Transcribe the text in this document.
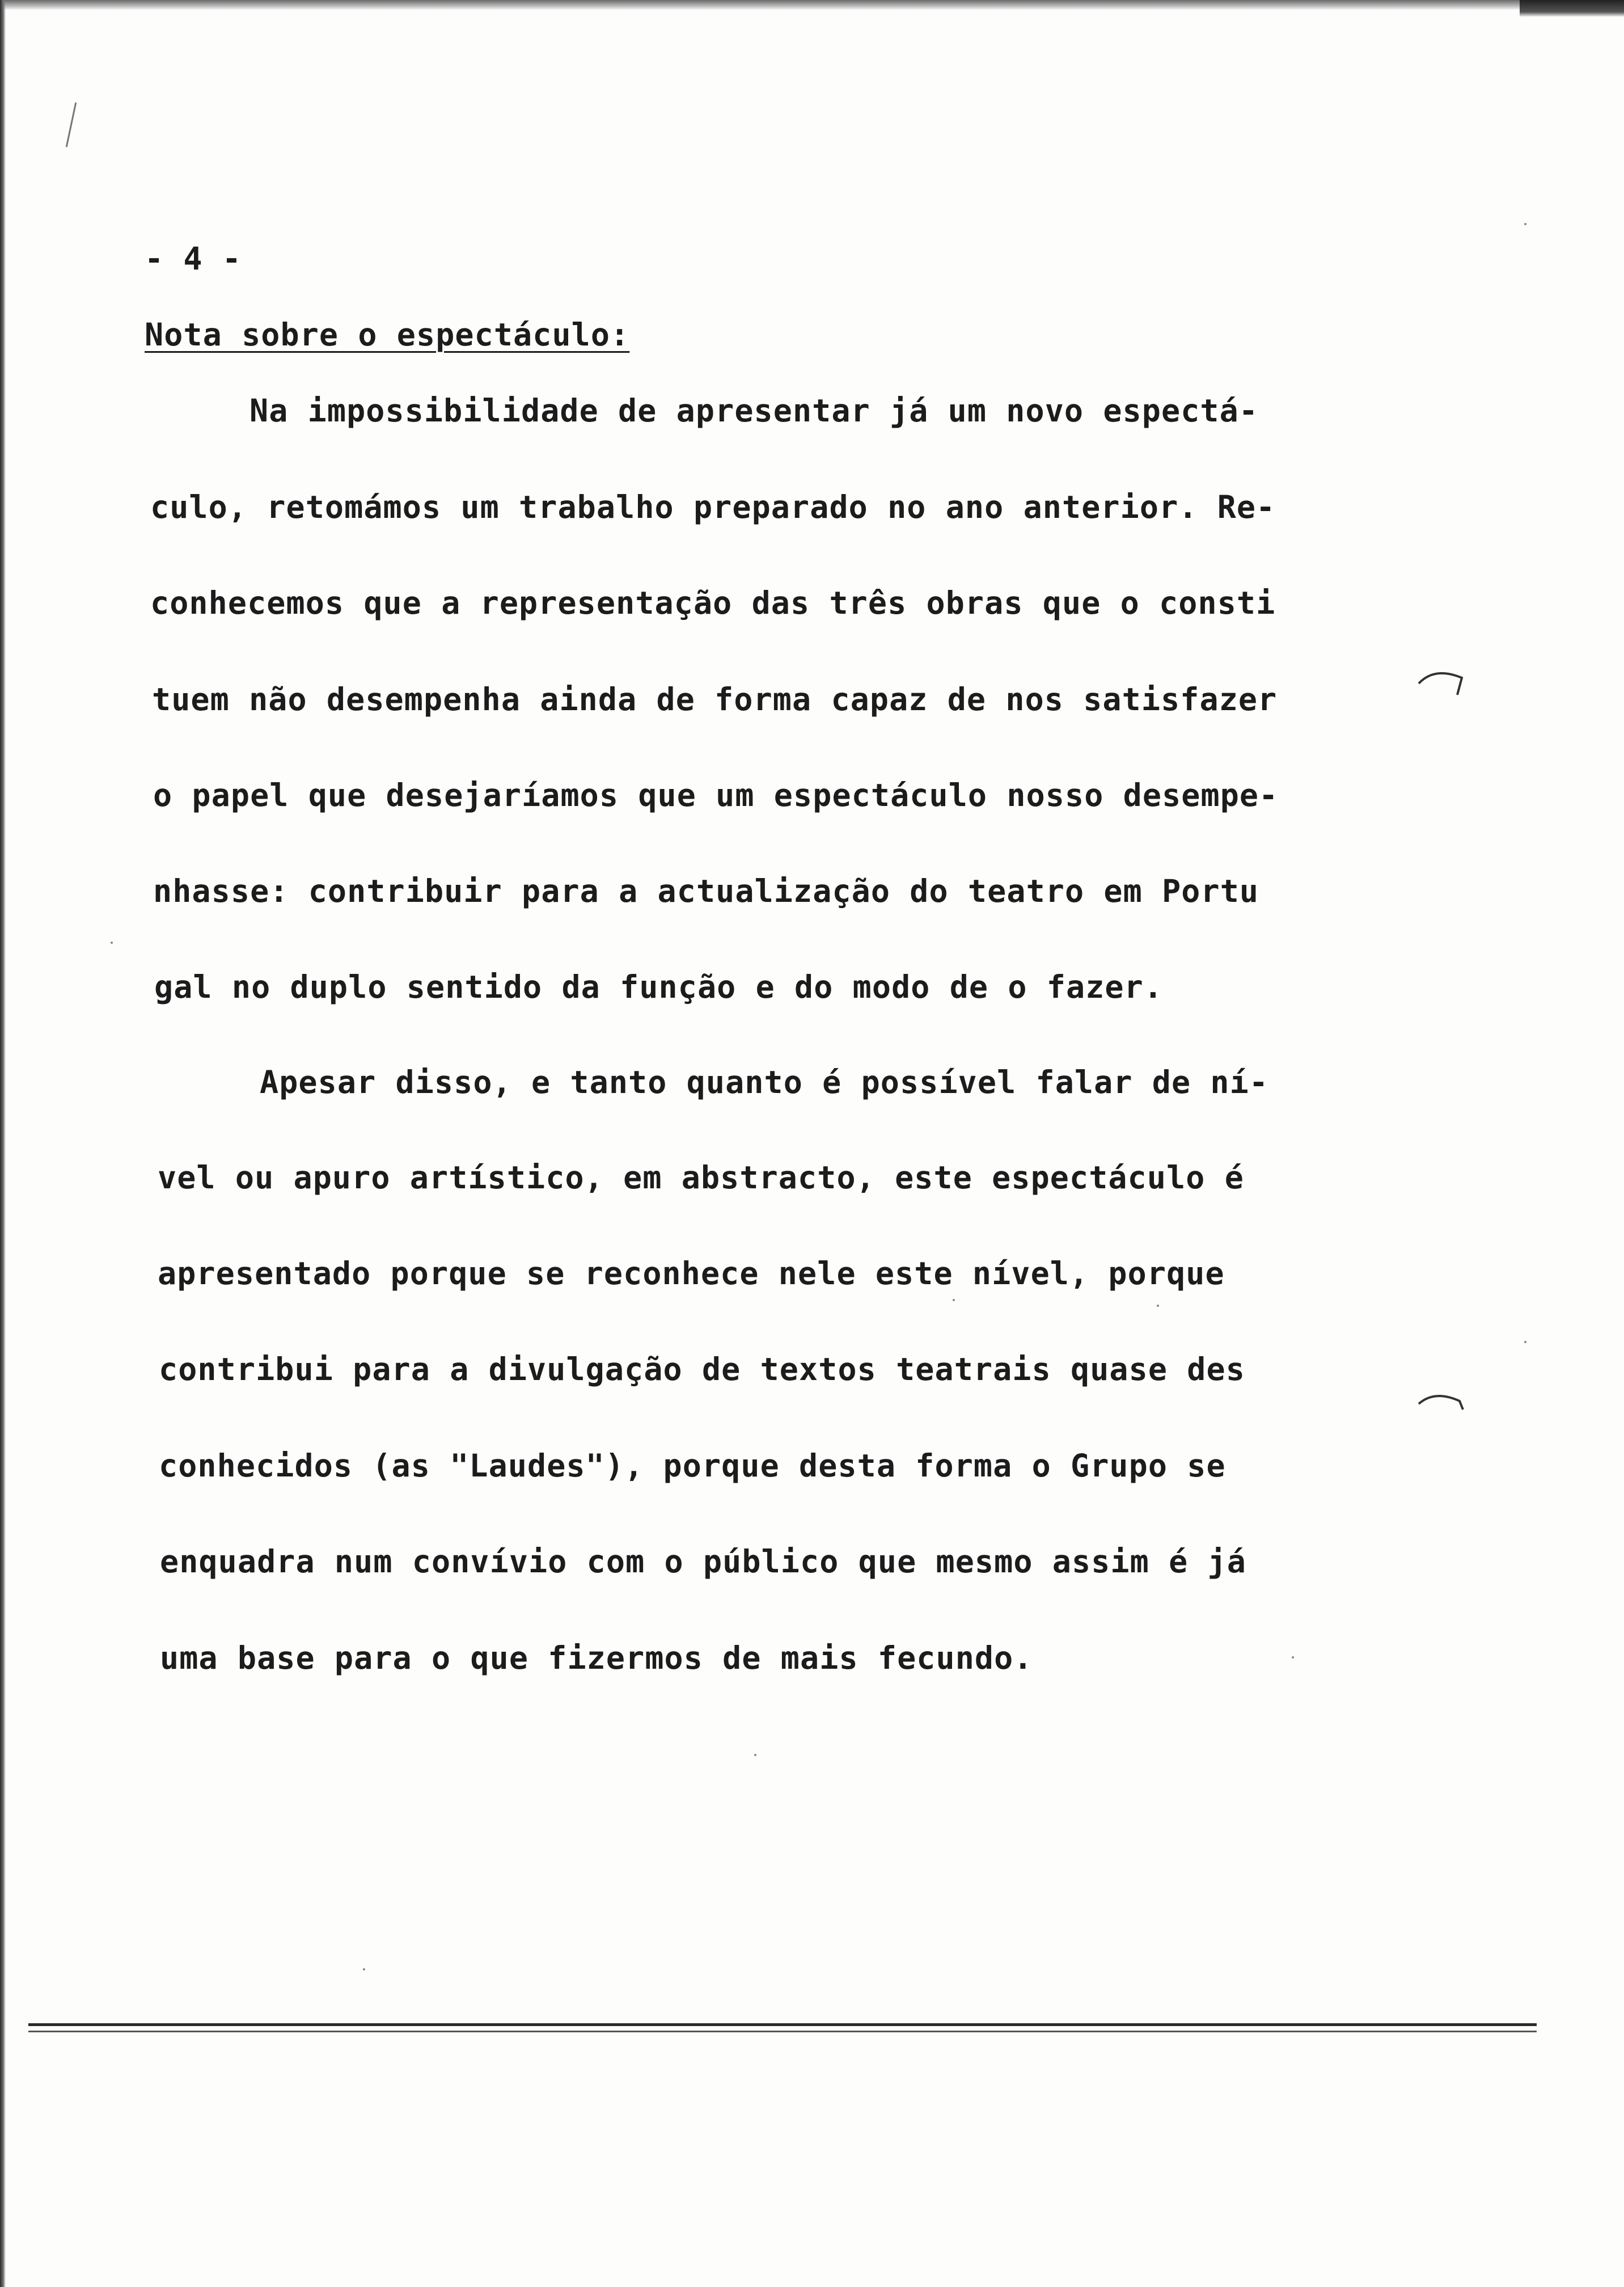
- 4 -

Nota sobre o espectáculo:

Na impossibilidade de apresentar já um novo espectá-

culo, retomámos um trabalho preparado no ano anterior. Re-

conhecemos que a representação das três obras que o consti

tuem não desempenha ainda de forma capaz de nos satisfazer

o papel que desejaríamos que um espectáculo nosso desempe-

nhasse: contribuir para a actualização do teatro em Portu

gal no duplo sentido da função e do modo de o fazer.

Apesar disso, e tanto quanto é possível falar de ní-

vel ou apuro artístico, em abstracto, este espectáculo é

apresentado porque se reconhece nele este nível, porque

contribui para a divulgação de textos teatrais quase des

conhecidos (as "Laudes"), porque desta forma o Grupo se

enquadra num convívio com o público que mesmo assim é já

uma base para o que fizermos de mais fecundo.
